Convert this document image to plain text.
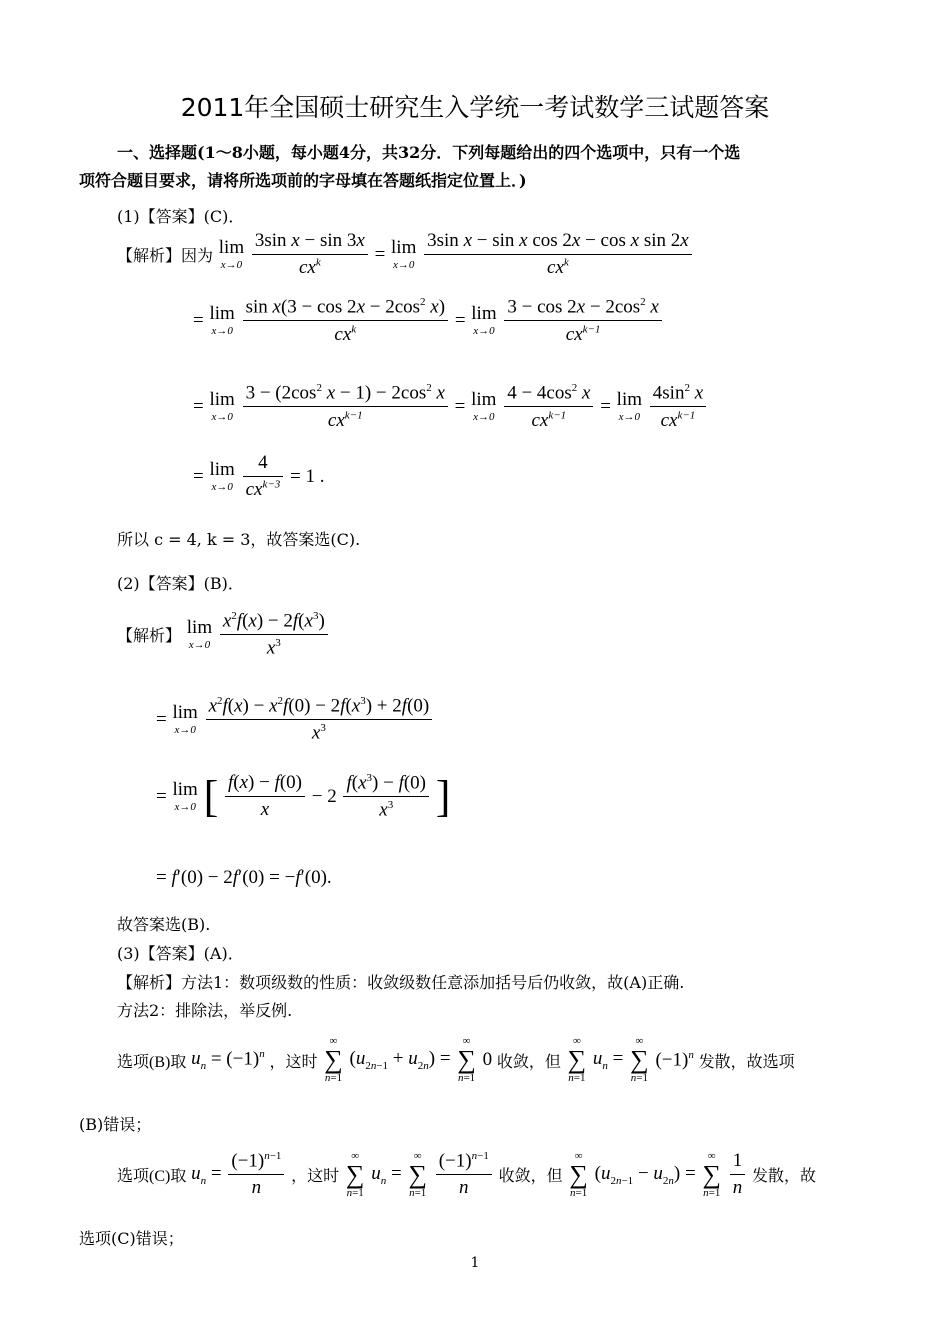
2011年全国硕士研究生入学统一考试数学三试题答案
一、选择题(1～8小题，每小题4分，共32分．下列每题给出的四个选项中，只有一个选
项符合题目要求，请将所选项前的字母填在答题纸指定位置上．)
(1)【答案】(C)．
【解析】因为 lim
x→0
$\frac{\text{3sin x − sin 3x}}{cx^k} = \lim$
x→0
$\frac{\text{3sin x − sin x cos 2x − cos x sin 2x}}{cx^k}$
= lim
x→0
$\frac{\sin x(3 - \cos 2x - 2\cos^2 x)}{cx^k} = \lim$
x→0
$\frac{3 - \cos 2x - 2\cos^2 x}{cx^{k-1}}$
= lim
x→0
$\frac{3 - (2\cos^2 x - 1) - 2\cos^2 x}{cx^{k-1}} = \lim$
x→0
$\frac{4 - 4\cos^2 x}{cx^{k-1}} = \lim$
x→0
$\frac{4\sin^2 x}{cx^{k-1}}$
= lim
x→0
$\frac{4}{cx^{k-3}} = 1$ .
所以 c = 4, k = 3，故答案选(C).
(2)【答案】(B)．
【解析】 lim
x→0
$\frac{x^2f(x) - 2f(x^3)}{x^3}$
= lim
x→0
$\frac{x^2f(x) - x^2f(0) - 2f(x^3) + 2f(0)}{x^3}$
= lim
x→0 [ $\frac{f(x) - f(0)}{x} - 2 \frac{f(x^3) - f(0)}{x^3}$ ]
= f′(0) − 2f′(0) = −f′(0).
故答案选(B).
(3)【答案】(A)．
【解析】方法1：数项级数的性质：收敛级数任意添加括号后仍收敛，故(A)正确.
方法2：排除法，举反例.
选项(B)取 $u_n = (-1)^n$ ，这时
∞
∑
n=1
$(u_{2n-1} + u_{2n})$ =
∞
∑
n=1
0 收敛，但
∞
∑
n=1
$u_n$ =
∞
∑
n=1
$(-1)^n$ 发散，故选项
(B)错误；
选项(C)取 $u_n = \frac{(-1)^{n-1}}{n}$ ，这时
∞
∑
n=1
$u_n$ =
∞
∑
n=1
$\frac{(-1)^{n-1}}{n}$ 收敛，但
∞
∑
n=1
$(u_{2n-1} - u_{2n})$ =
∞
∑
n=1
$\frac{1}{n}$ 发散，故
选项(C)错误；
1
